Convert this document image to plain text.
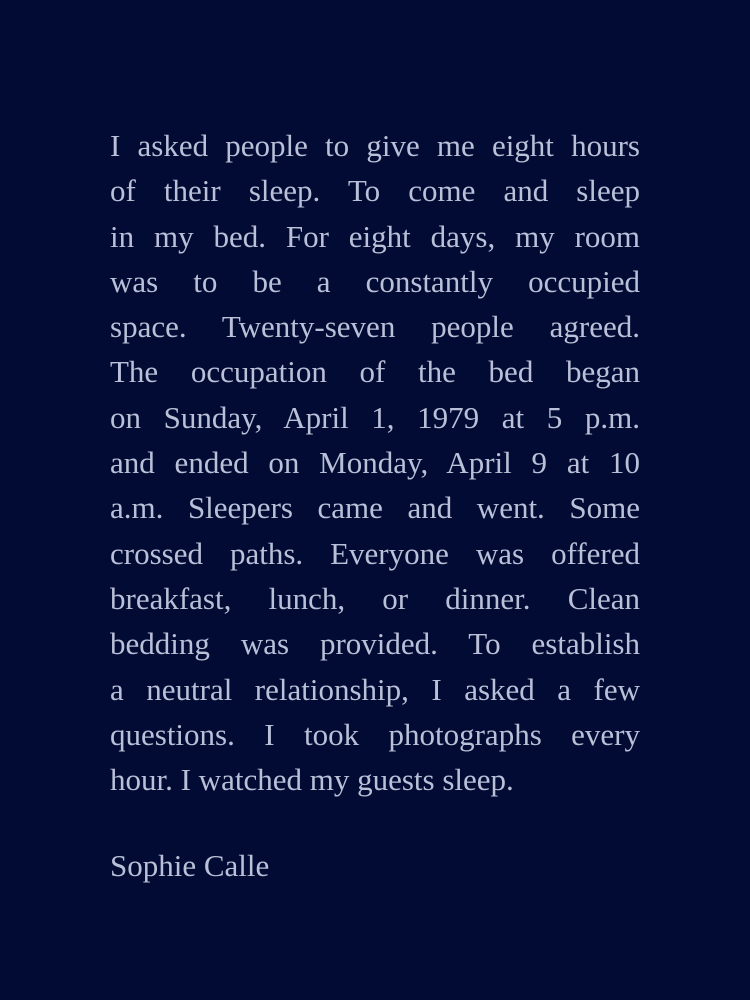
I asked people to give me eight hours
of their sleep. To come and sleep
in my bed. For eight days, my room
was to be a constantly occupied
space. Twenty-seven people agreed.
The occupation of the bed began
on Sunday, April 1, 1979 at 5 p.m.
and ended on Monday, April 9 at 10
a.m. Sleepers came and went. Some
crossed paths. Everyone was offered
breakfast, lunch, or dinner. Clean
bedding was provided. To establish
a neutral relationship, I asked a few
questions. I took photographs every
hour. I watched my guests sleep.

Sophie Calle
